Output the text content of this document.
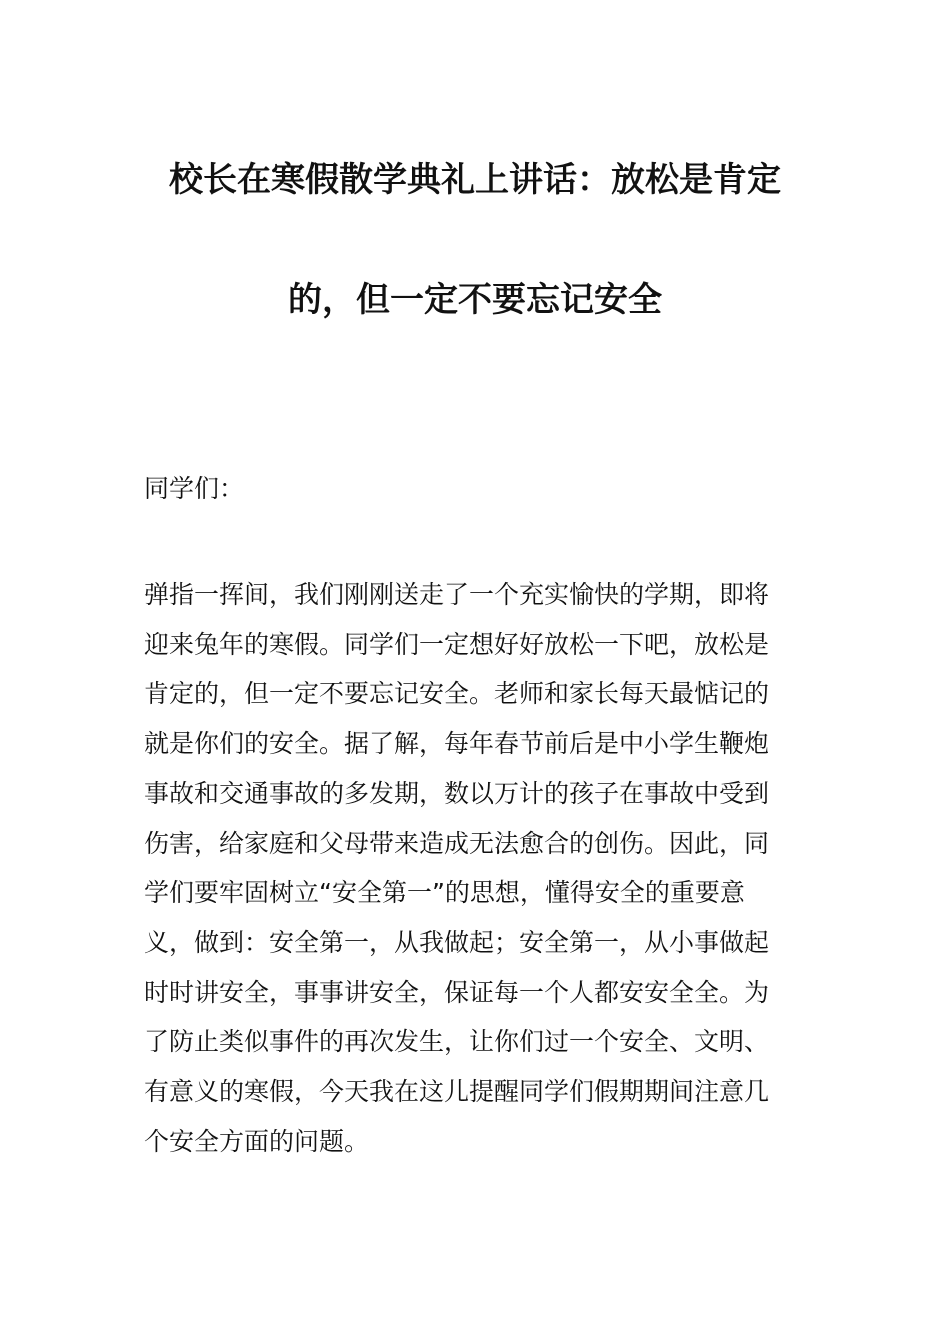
校长在寒假散学典礼上讲话：放松是肯定
的，但一定不要忘记安全
同学们：
弹指一挥间，我们刚刚送走了一个充实愉快的学期，即将
迎来兔年的寒假。同学们一定想好好放松一下吧，放松是
肯定的，但一定不要忘记安全。老师和家长每天最惦记的
就是你们的安全。据了解，每年春节前后是中小学生鞭炮
事故和交通事故的多发期，数以万计的孩子在事故中受到
伤害，给家庭和父母带来造成无法愈合的创伤。因此，同
学们要牢固树立“安全第一”的思想，懂得安全的重要意
义，做到：安全第一，从我做起；安全第一，从小事做起
时时讲安全，事事讲安全，保证每一个人都安安全全。为
了防止类似事件的再次发生，让你们过一个安全、文明、
有意义的寒假，今天我在这儿提醒同学们假期期间注意几
个安全方面的问题。
